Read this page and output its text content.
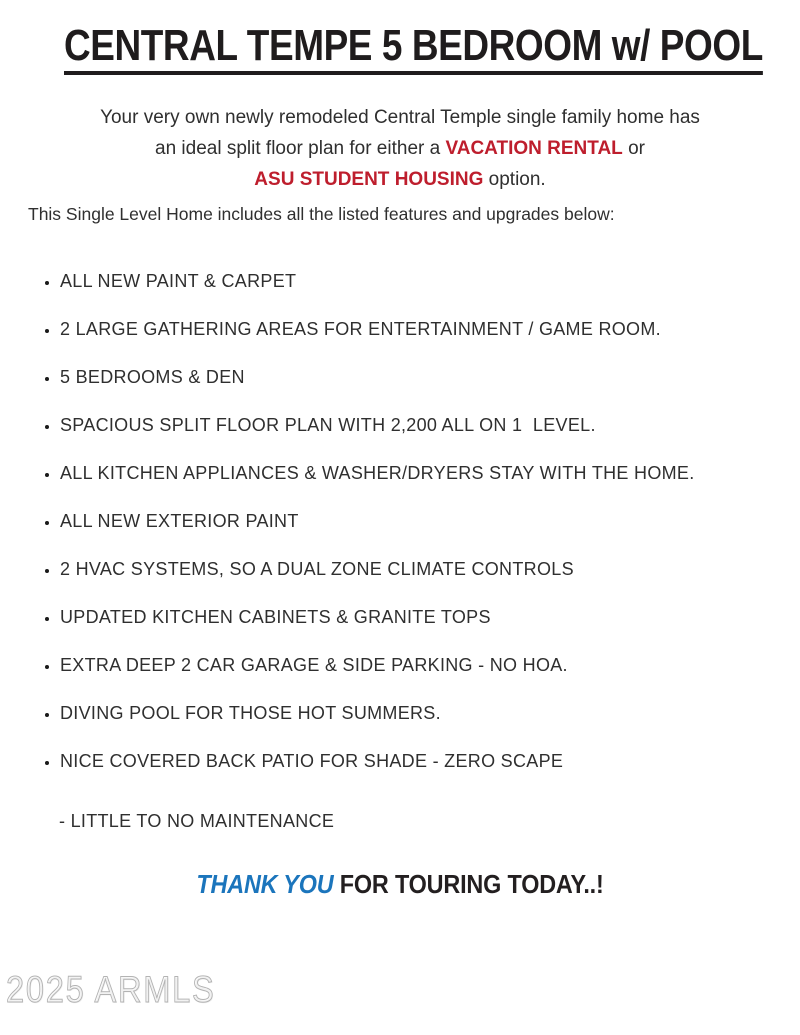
CENTRAL TEMPE 5 BEDROOM w/ POOL

Your very own newly remodeled Central Temple single family home has
an ideal split floor plan for either a VACATION RENTAL or
ASU STUDENT HOUSING option.

This Single Level Home includes all the listed features and upgrades below:

• ALL NEW PAINT & CARPET
• 2 LARGE GATHERING AREAS FOR ENTERTAINMENT / GAME ROOM.
• 5 BEDROOMS & DEN
• SPACIOUS SPLIT FLOOR PLAN WITH 2,200 ALL ON 1  LEVEL.
• ALL KITCHEN APPLIANCES & WASHER/DRYERS STAY WITH THE HOME.
• ALL NEW EXTERIOR PAINT
• 2 HVAC SYSTEMS, SO A DUAL ZONE CLIMATE CONTROLS
• UPDATED KITCHEN CABINETS & GRANITE TOPS
• EXTRA DEEP 2 CAR GARAGE & SIDE PARKING - NO HOA.
• DIVING POOL FOR THOSE HOT SUMMERS.
• NICE COVERED BACK PATIO FOR SHADE - ZERO SCAPE

- LITTLE TO NO MAINTENANCE

THANK YOU FOR TOURING TODAY..!

2025 ARMLS
